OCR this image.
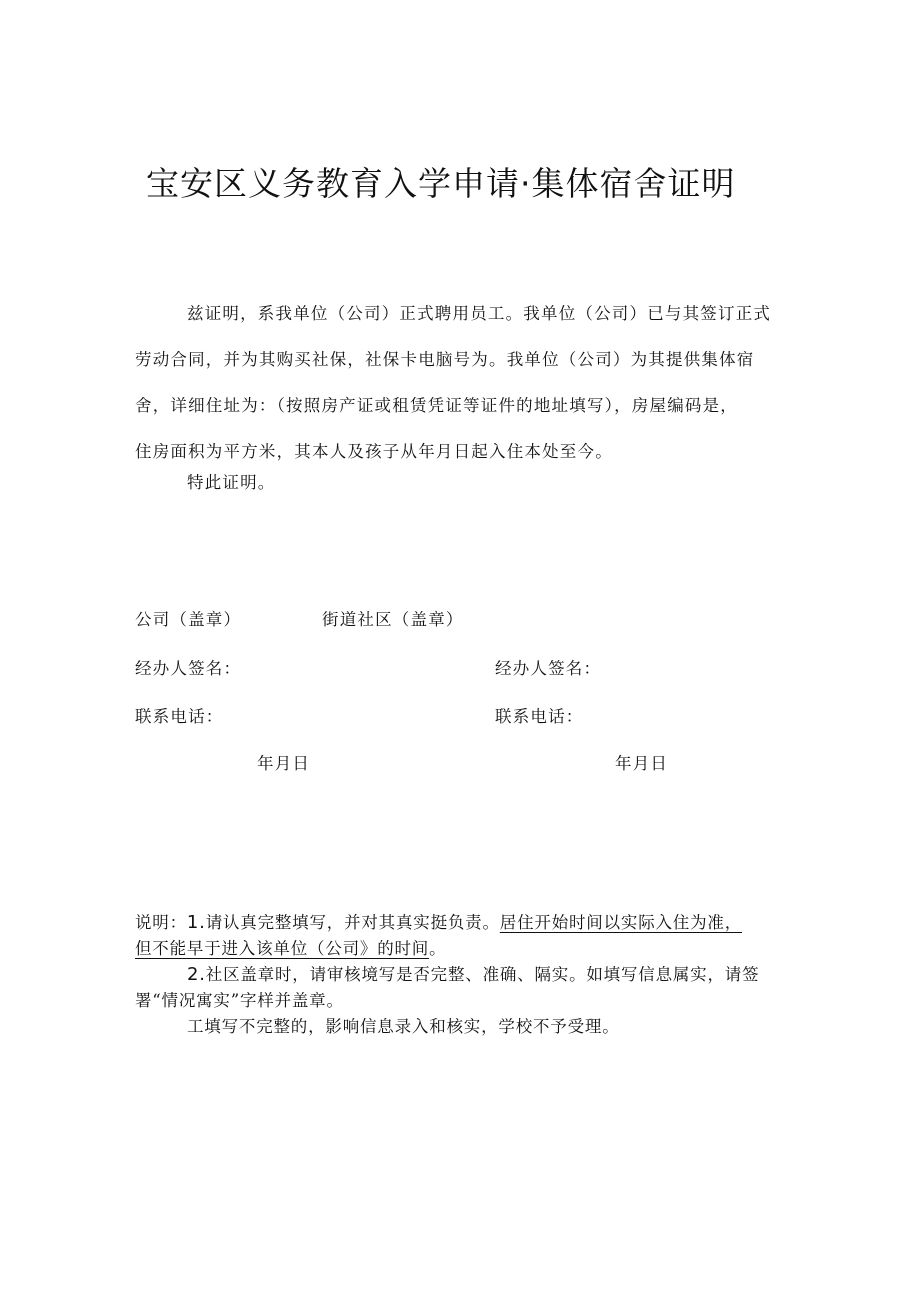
宝安区义务教育入学申请·集体宿舍证明

兹证明，系我单位（公司）正式聘用员工。我单位（公司）已与其签订正式

劳动合同，并为其购买社保，社保卡电脑号为。我单位（公司）为其提供集体宿

舍，详细住址为：（按照房产证或租赁凭证等证件的地址填写），房屋编码是，

住房面积为平方米，其本人及孩子从年月日起入住本处至今。

特此证明。
公司（盖章）	街道社区（盖章）
经办人签名：	经办人签名：
联系电话：	联系电话：
年月日	年月日

说明：1.请认真完整填写，并对其真实挺负责。居住开始时间以实际入住为准，

但不能早于进入该单位（公司》的时间。

2.社区盖章时，请审核境写是否完整、准确、隔实。如填写信息属实，请签

署“情况寓实”字样并盖章。

工填写不完整的，影响信息录入和核实，学校不予受理。
